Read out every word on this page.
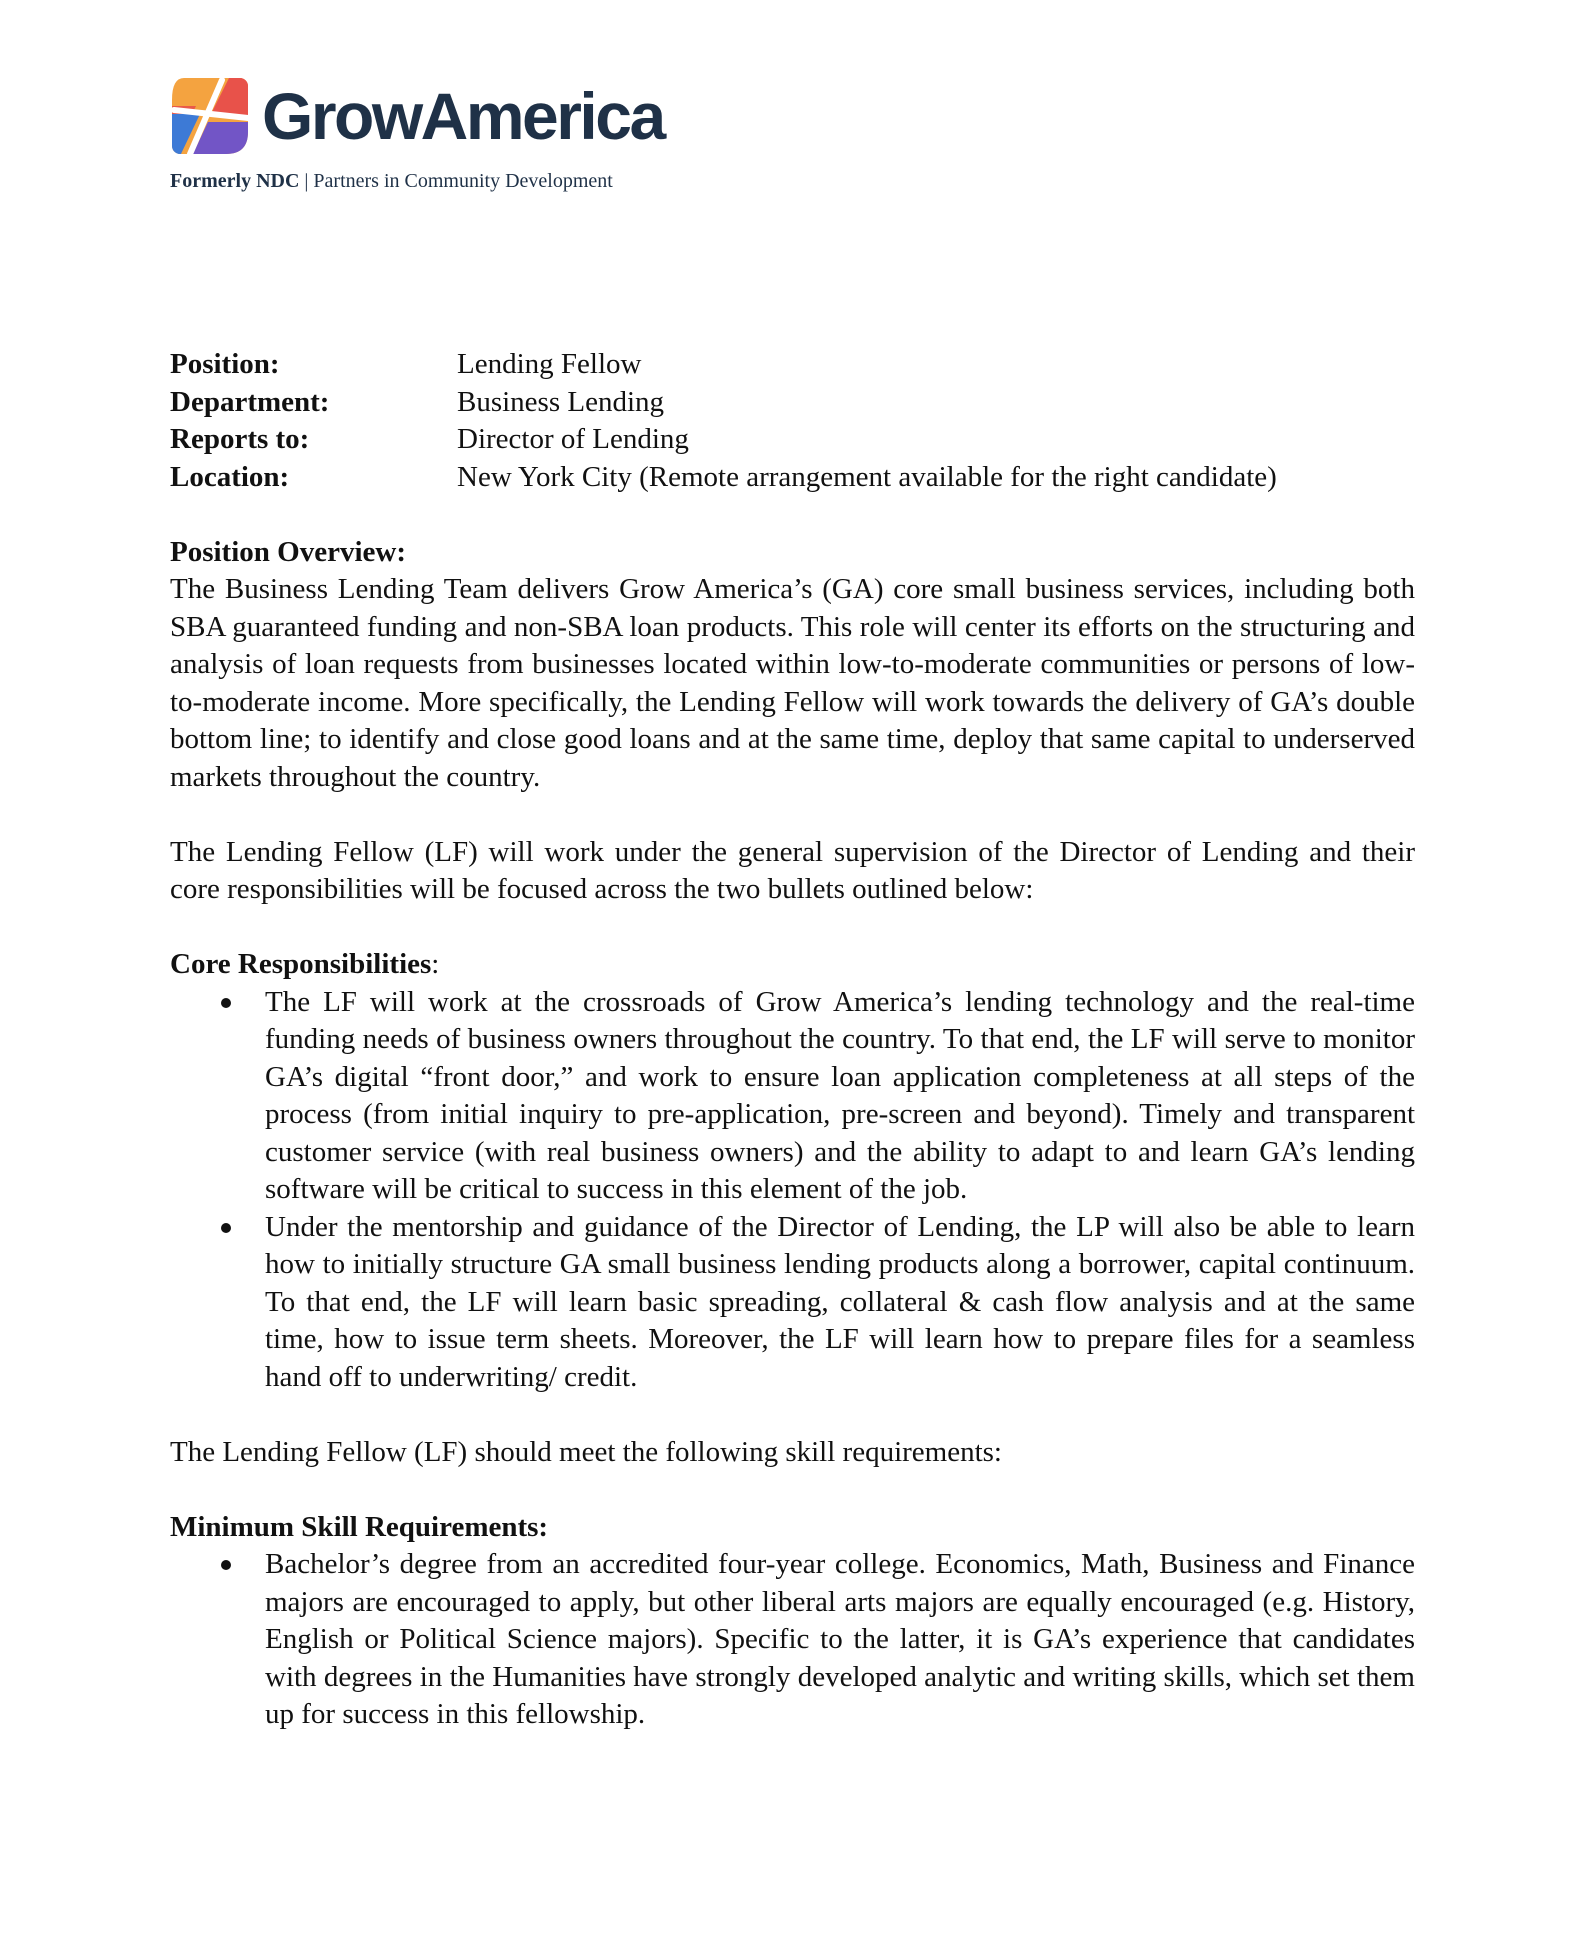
GrowAmerica
Formerly NDC | Partners in Community Development
Position:	Lending Fellow
Department:	Business Lending
Reports to:	Director of Lending
Location:	New York City (Remote arrangement available for the right candidate)
Position Overview:

The Business Lending Team delivers Grow America’s (GA) core small business services, including both SBA guaranteed funding and non-SBA loan products. This role will center its efforts on the structuring and analysis of loan requests from businesses located within low-to-moderate communities or persons of low-to-moderate income. More specifically, the Lending Fellow will work towards the delivery of GA’s double bottom line; to identify and close good loans and at the same time, deploy that same capital to underserved markets throughout the country.

The Lending Fellow (LF) will work under the general supervision of the Director of Lending and their core responsibilities will be focused across the two bullets outlined below:

Core Responsibilities:
The LF will work at the crossroads of Grow America’s lending technology and the real-time funding needs of business owners throughout the country. To that end, the LF will serve to monitor GA’s digital “front door,” and work to ensure loan application completeness at all steps of the process (from initial inquiry to pre-application, pre-screen and beyond). Timely and transparent customer service (with real business owners) and the ability to adapt to and learn GA’s lending software will be critical to success in this element of the job.
Under the mentorship and guidance of the Director of Lending, the LP will also be able to learn how to initially structure GA small business lending products along a borrower, capital continuum. To that end, the LF will learn basic spreading, collateral & cash flow analysis and at the same time, how to issue term sheets. Moreover, the LF will learn how to prepare files for a seamless hand off to underwriting/ credit.

The Lending Fellow (LF) should meet the following skill requirements:

Minimum Skill Requirements:
Bachelor’s degree from an accredited four-year college. Economics, Math, Business and Finance majors are encouraged to apply, but other liberal arts majors are equally encouraged (e.g. History, English or Political Science majors). Specific to the latter, it is GA’s experience that candidates with degrees in the Humanities have strongly developed analytic and writing skills, which set them up for success in this fellowship.
